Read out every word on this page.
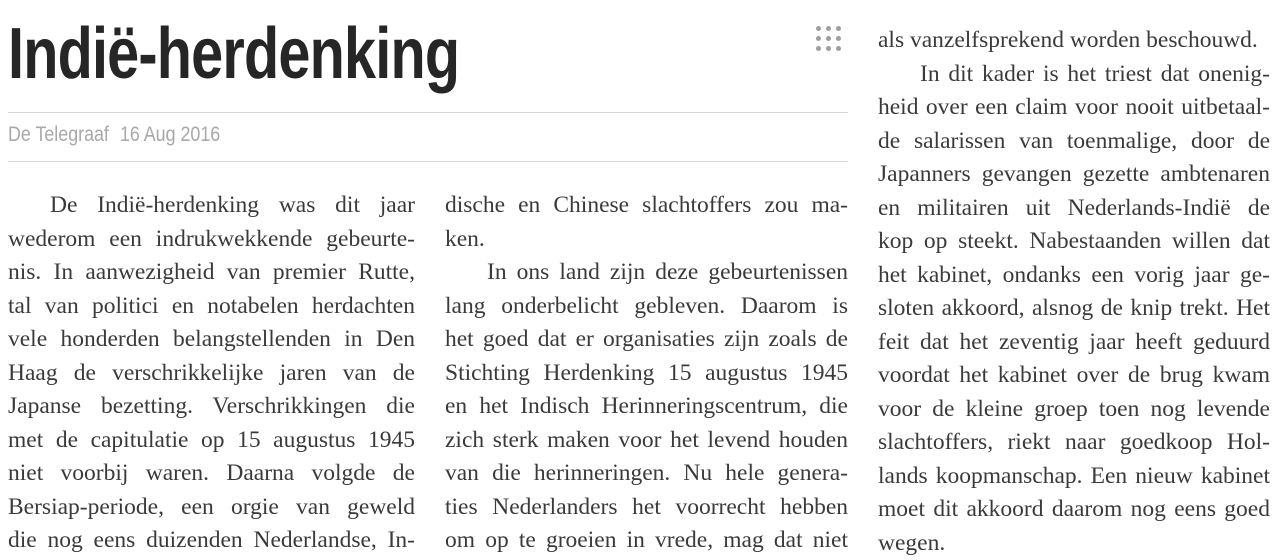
Indië-herdenking
De Telegraaf 16 Aug 2016
De Indië-herdenking was dit jaar
wederom een indrukwekkende gebeurte-
nis. In aanwezigheid van premier Rutte,
tal van politici en notabelen herdachten
vele honderden belangstellenden in Den
Haag de verschrikkelijke jaren van de
Japanse bezetting. Verschrikkingen die
met de capitulatie op 15 augustus 1945
niet voorbij waren. Daarna volgde de
Bersiap-periode, een orgie van geweld
die nog eens duizenden Nederlandse, In-
dische en Chinese slachtoffers zou ma-
ken.
In ons land zijn deze gebeurtenissen
lang onderbelicht gebleven. Daarom is
het goed dat er organisaties zijn zoals de
Stichting Herdenking 15 augustus 1945
en het Indisch Herinneringscentrum, die
zich sterk maken voor het levend houden
van die herinneringen. Nu hele genera-
ties Nederlanders het voorrecht hebben
om op te groeien in vrede, mag dat niet
als vanzelfsprekend worden beschouwd.
In dit kader is het triest dat onenig-
heid over een claim voor nooit uitbetaal-
de salarissen van toenmalige, door de
Japanners gevangen gezette ambtenaren
en militairen uit Nederlands-Indië de
kop op steekt. Nabestaanden willen dat
het kabinet, ondanks een vorig jaar ge-
sloten akkoord, alsnog de knip trekt. Het
feit dat het zeventig jaar heeft geduurd
voordat het kabinet over de brug kwam
voor de kleine groep toen nog levende
slachtoffers, riekt naar goedkoop Hol-
lands koopmanschap. Een nieuw kabinet
moet dit akkoord daarom nog eens goed
wegen.
